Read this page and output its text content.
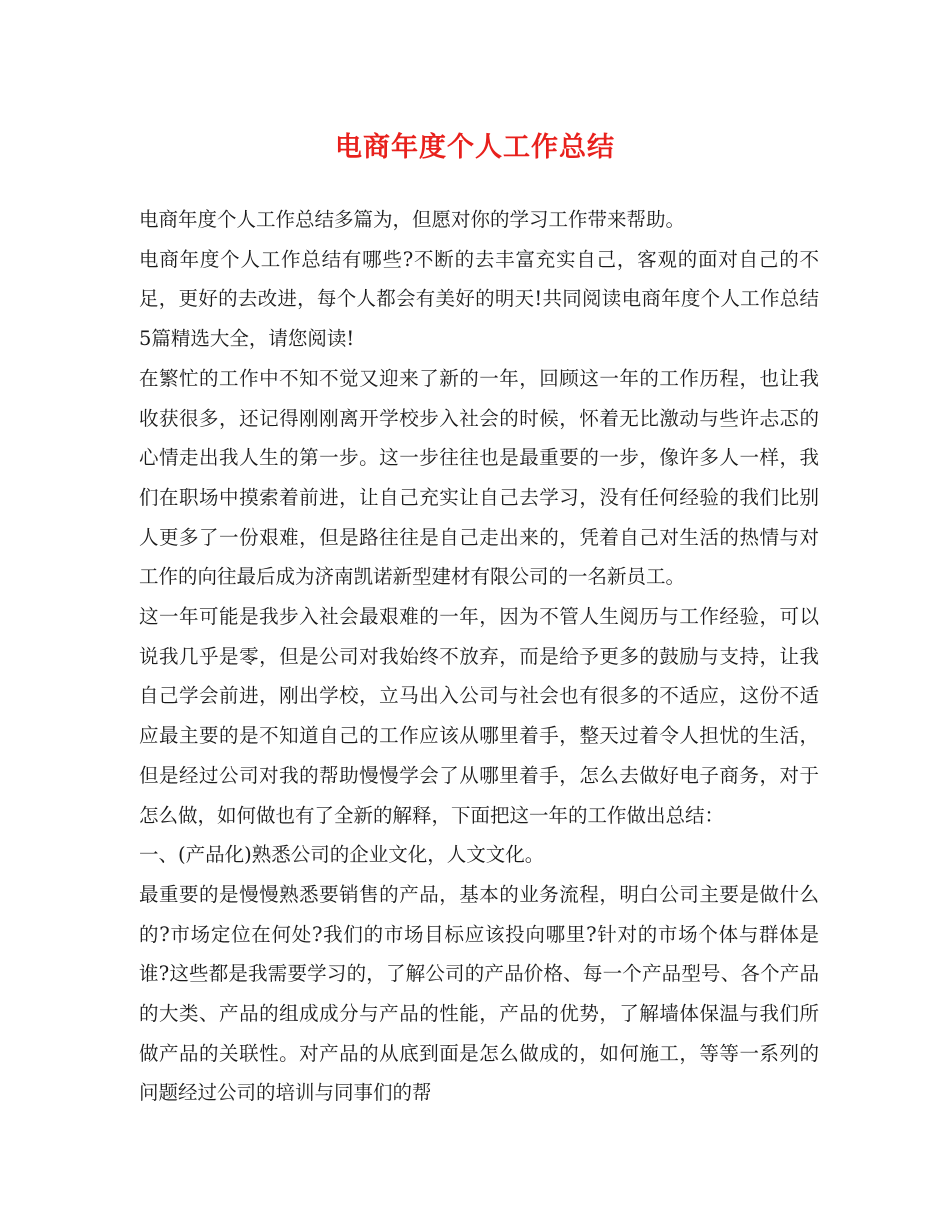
电商年度个人工作总结

电商年度个人工作总结多篇为，但愿对你的学习工作带来帮助。

电商年度个人工作总结有哪些?不断的去丰富充实自己，客观的面对自己的不足，更好的去改进，每个人都会有美好的明天!共同阅读电商年度个人工作总结5篇精选大全，请您阅读!

在繁忙的工作中不知不觉又迎来了新的一年，回顾这一年的工作历程，也让我收获很多，还记得刚刚离开学校步入社会的时候，怀着无比激动与些许忐忑的心情走出我人生的第一步。这一步往往也是最重要的一步，像许多人一样，我们在职场中摸索着前进，让自己充实让自己去学习，没有任何经验的我们比别人更多了一份艰难，但是路往往是自己走出来的，凭着自己对生活的热情与对工作的向往最后成为济南凯诺新型建材有限公司的一名新员工。

这一年可能是我步入社会最艰难的一年，因为不管人生阅历与工作经验，可以说我几乎是零，但是公司对我始终不放弃，而是给予更多的鼓励与支持，让我自己学会前进，刚出学校，立马出入公司与社会也有很多的不适应，这份不适应最主要的是不知道自己的工作应该从哪里着手，整天过着令人担忧的生活，但是经过公司对我的帮助慢慢学会了从哪里着手，怎么去做好电子商务，对于怎么做，如何做也有了全新的解释，下面把这一年的工作做出总结：

一、(产品化)熟悉公司的企业文化，人文文化。

最重要的是慢慢熟悉要销售的产品，基本的业务流程，明白公司主要是做什么的?市场定位在何处?我们的市场目标应该投向哪里?针对的市场个体与群体是谁?这些都是我需要学习的，了解公司的产品价格、每一个产品型号、各个产品的大类、产品的组成成分与产品的性能，产品的优势，了解墙体保温与我们所做产品的关联性。对产品的从底到面是怎么做成的，如何施工，等等一系列的问题经过公司的培训与同事们的帮
